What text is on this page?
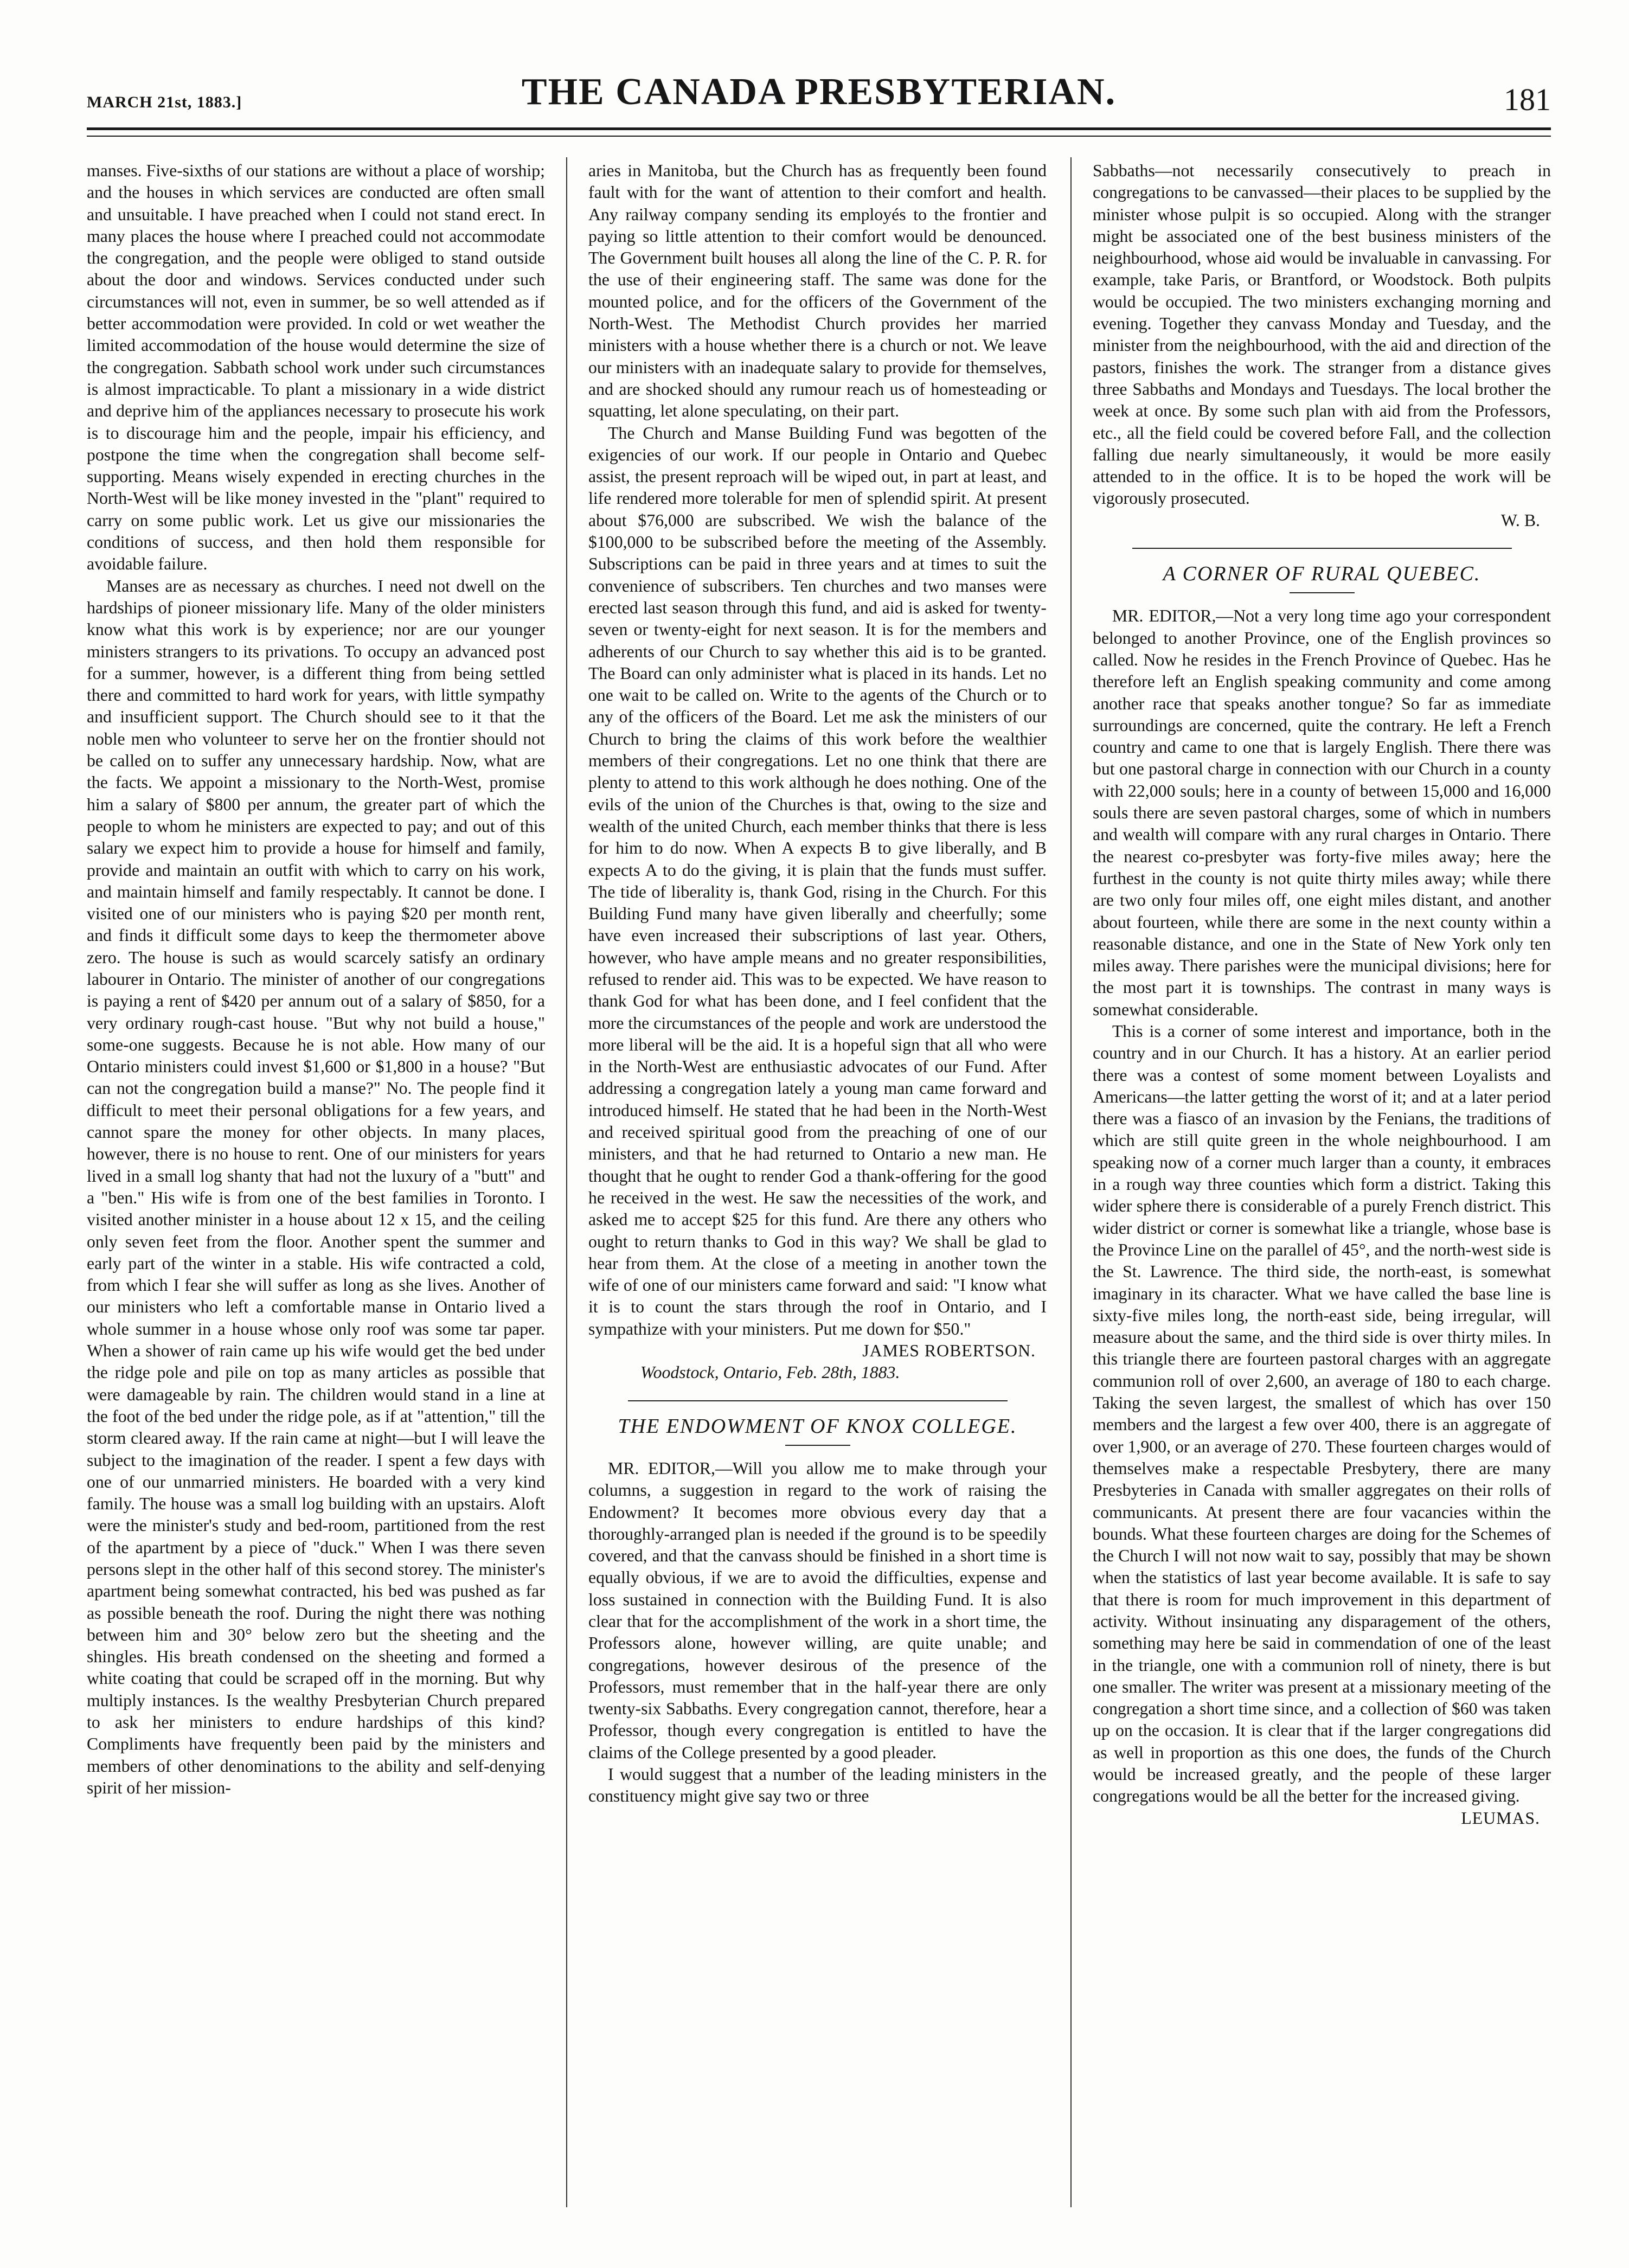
MARCH 21st, 1883.]	THE CANADA PRESBYTERIAN.	181

manses. Five-sixths of our stations are without a place of worship; and the houses in which services are conducted are often small and unsuitable. I have preached when I could not stand erect. In many places the house where I preached could not accommodate the congregation, and the people were obliged to stand outside about the door and windows. Services conducted under such circumstances will not, even in summer, be so well attended as if better accommodation were provided. In cold or wet weather the limited accommodation of the house would determine the size of the congregation. Sabbath school work under such circumstances is almost impracticable. To plant a missionary in a wide district and deprive him of the appliances necessary to prosecute his work is to discourage him and the people, impair his efficiency, and postpone the time when the congregation shall become self-supporting. Means wisely expended in erecting churches in the North-West will be like money invested in the "plant" required to carry on some public work. Let us give our missionaries the conditions of success, and then hold them responsible for avoidable failure.

Manses are as necessary as churches. I need not dwell on the hardships of pioneer missionary life. Many of the older ministers know what this work is by experience; nor are our younger ministers strangers to its privations. To occupy an advanced post for a summer, however, is a different thing from being settled there and committed to hard work for years, with little sympathy and insufficient support. The Church should see to it that the noble men who volunteer to serve her on the frontier should not be called on to suffer any unnecessary hardship. Now, what are the facts. We appoint a missionary to the North-West, promise him a salary of $800 per annum, the greater part of which the people to whom he ministers are expected to pay; and out of this salary we expect him to provide a house for himself and family, provide and maintain an outfit with which to carry on his work, and maintain himself and family respectably. It cannot be done. I visited one of our ministers who is paying $20 per month rent, and finds it difficult some days to keep the thermometer above zero. The house is such as would scarcely satisfy an ordinary labourer in Ontario. The minister of another of our congregations is paying a rent of $420 per annum out of a salary of $850, for a very ordinary rough-cast house. "But why not build a house," some-one suggests. Because he is not able. How many of our Ontario ministers could invest $1,600 or $1,800 in a house? "But can not the congregation build a manse?" No. The people find it difficult to meet their personal obligations for a few years, and cannot spare the money for other objects. In many places, however, there is no house to rent. One of our ministers for years lived in a small log shanty that had not the luxury of a "butt" and a "ben." His wife is from one of the best families in Toronto. I visited another minister in a house about 12 x 15, and the ceiling only seven feet from the floor. Another spent the summer and early part of the winter in a stable. His wife contracted a cold, from which I fear she will suffer as long as she lives. Another of our ministers who left a comfortable manse in Ontario lived a whole summer in a house whose only roof was some tar paper. When a shower of rain came up his wife would get the bed under the ridge pole and pile on top as many articles as possible that were damageable by rain. The children would stand in a line at the foot of the bed under the ridge pole, as if at "attention," till the storm cleared away. If the rain came at night—but I will leave the subject to the imagination of the reader. I spent a few days with one of our unmarried ministers. He boarded with a very kind family. The house was a small log building with an upstairs. Aloft were the minister's study and bed-room, partitioned from the rest of the apartment by a piece of "duck." When I was there seven persons slept in the other half of this second storey. The minister's apartment being somewhat contracted, his bed was pushed as far as possible beneath the roof. During the night there was nothing between him and 30° below zero but the sheeting and the shingles. His breath condensed on the sheeting and formed a white coating that could be scraped off in the morning. But why multiply instances. Is the wealthy Presbyterian Church prepared to ask her ministers to endure hardships of this kind? Compliments have frequently been paid by the ministers and members of other denominations to the ability and self-denying spirit of her mission-

aries in Manitoba, but the Church has as frequently been found fault with for the want of attention to their comfort and health. Any railway company sending its employés to the frontier and paying so little attention to their comfort would be denounced. The Government built houses all along the line of the C. P. R. for the use of their engineering staff. The same was done for the mounted police, and for the officers of the Government of the North-West. The Methodist Church provides her married ministers with a house whether there is a church or not. We leave our ministers with an inadequate salary to provide for themselves, and are shocked should any rumour reach us of homesteading or squatting, let alone speculating, on their part.

The Church and Manse Building Fund was begotten of the exigencies of our work. If our people in Ontario and Quebec assist, the present reproach will be wiped out, in part at least, and life rendered more tolerable for men of splendid spirit. At present about $76,000 are subscribed. We wish the balance of the $100,000 to be subscribed before the meeting of the Assembly. Subscriptions can be paid in three years and at times to suit the convenience of subscribers. Ten churches and two manses were erected last season through this fund, and aid is asked for twenty-seven or twenty-eight for next season. It is for the members and adherents of our Church to say whether this aid is to be granted. The Board can only administer what is placed in its hands. Let no one wait to be called on. Write to the agents of the Church or to any of the officers of the Board. Let me ask the ministers of our Church to bring the claims of this work before the wealthier members of their congregations. Let no one think that there are plenty to attend to this work although he does nothing. One of the evils of the union of the Churches is that, owing to the size and wealth of the united Church, each member thinks that there is less for him to do now. When A expects B to give liberally, and B expects A to do the giving, it is plain that the funds must suffer. The tide of liberality is, thank God, rising in the Church. For this Building Fund many have given liberally and cheerfully; some have even increased their subscriptions of last year. Others, however, who have ample means and no greater responsibilities, refused to render aid. This was to be expected. We have reason to thank God for what has been done, and I feel confident that the more the circumstances of the people and work are understood the more liberal will be the aid. It is a hopeful sign that all who were in the North-West are enthusiastic advocates of our Fund. After addressing a congregation lately a young man came forward and introduced himself. He stated that he had been in the North-West and received spiritual good from the preaching of one of our ministers, and that he had returned to Ontario a new man. He thought that he ought to render God a thank-offering for the good he received in the west. He saw the necessities of the work, and asked me to accept $25 for this fund. Are there any others who ought to return thanks to God in this way? We shall be glad to hear from them. At the close of a meeting in another town the wife of one of our ministers came forward and said: "I know what it is to count the stars through the roof in Ontario, and I sympathize with your ministers. Put me down for $50."

JAMES ROBERTSON.

Woodstock, Ontario, Feb. 28th, 1883.

THE ENDOWMENT OF KNOX COLLEGE.

MR. EDITOR,—Will you allow me to make through your columns, a suggestion in regard to the work of raising the Endowment? It becomes more obvious every day that a thoroughly-arranged plan is needed if the ground is to be speedily covered, and that the canvass should be finished in a short time is equally obvious, if we are to avoid the difficulties, expense and loss sustained in connection with the Building Fund. It is also clear that for the accomplishment of the work in a short time, the Professors alone, however willing, are quite unable; and congregations, however desirous of the presence of the Professors, must remember that in the half-year there are only twenty-six Sabbaths. Every congregation cannot, therefore, hear a Professor, though every congregation is entitled to have the claims of the College presented by a good pleader.

I would suggest that a number of the leading ministers in the constituency might give say two or three

Sabbaths—not necessarily consecutively to preach in congregations to be canvassed—their places to be supplied by the minister whose pulpit is so occupied. Along with the stranger might be associated one of the best business ministers of the neighbourhood, whose aid would be invaluable in canvassing. For example, take Paris, or Brantford, or Woodstock. Both pulpits would be occupied. The two ministers exchanging morning and evening. Together they canvass Monday and Tuesday, and the minister from the neighbourhood, with the aid and direction of the pastors, finishes the work. The stranger from a distance gives three Sabbaths and Mondays and Tuesdays. The local brother the week at once. By some such plan with aid from the Professors, etc., all the field could be covered before Fall, and the collection falling due nearly simultaneously, it would be more easily attended to in the office. It is to be hoped the work will be vigorously prosecuted.

W. B.

A CORNER OF RURAL QUEBEC.

MR. EDITOR,—Not a very long time ago your correspondent belonged to another Province, one of the English provinces so called. Now he resides in the French Province of Quebec. Has he therefore left an English speaking community and come among another race that speaks another tongue? So far as immediate surroundings are concerned, quite the contrary. He left a French country and came to one that is largely English. There there was but one pastoral charge in connection with our Church in a county with 22,000 souls; here in a county of between 15,000 and 16,000 souls there are seven pastoral charges, some of which in numbers and wealth will compare with any rural charges in Ontario. There the nearest co-presbyter was forty-five miles away; here the furthest in the county is not quite thirty miles away; while there are two only four miles off, one eight miles distant, and another about fourteen, while there are some in the next county within a reasonable distance, and one in the State of New York only ten miles away. There parishes were the municipal divisions; here for the most part it is townships. The contrast in many ways is somewhat considerable.

This is a corner of some interest and importance, both in the country and in our Church. It has a history. At an earlier period there was a contest of some moment between Loyalists and Americans—the latter getting the worst of it; and at a later period there was a fiasco of an invasion by the Fenians, the traditions of which are still quite green in the whole neighbourhood. I am speaking now of a corner much larger than a county, it embraces in a rough way three counties which form a district. Taking this wider sphere there is considerable of a purely French district. This wider district or corner is somewhat like a triangle, whose base is the Province Line on the parallel of 45°, and the north-west side is the St. Lawrence. The third side, the north-east, is somewhat imaginary in its character. What we have called the base line is sixty-five miles long, the north-east side, being irregular, will measure about the same, and the third side is over thirty miles. In this triangle there are fourteen pastoral charges with an aggregate communion roll of over 2,600, an average of 180 to each charge. Taking the seven largest, the smallest of which has over 150 members and the largest a few over 400, there is an aggregate of over 1,900, or an average of 270. These fourteen charges would of themselves make a respectable Presbytery, there are many Presbyteries in Canada with smaller aggregates on their rolls of communicants. At present there are four vacancies within the bounds. What these fourteen charges are doing for the Schemes of the Church I will not now wait to say, possibly that may be shown when the statistics of last year become available. It is safe to say that there is room for much improvement in this department of activity. Without insinuating any disparagement of the others, something may here be said in commendation of one of the least in the triangle, one with a communion roll of ninety, there is but one smaller. The writer was present at a missionary meeting of the congregation a short time since, and a collection of $60 was taken up on the occasion. It is clear that if the larger congregations did as well in proportion as this one does, the funds of the Church would be increased greatly, and the people of these larger congregations would be all the better for the increased giving.

LEUMAS.
